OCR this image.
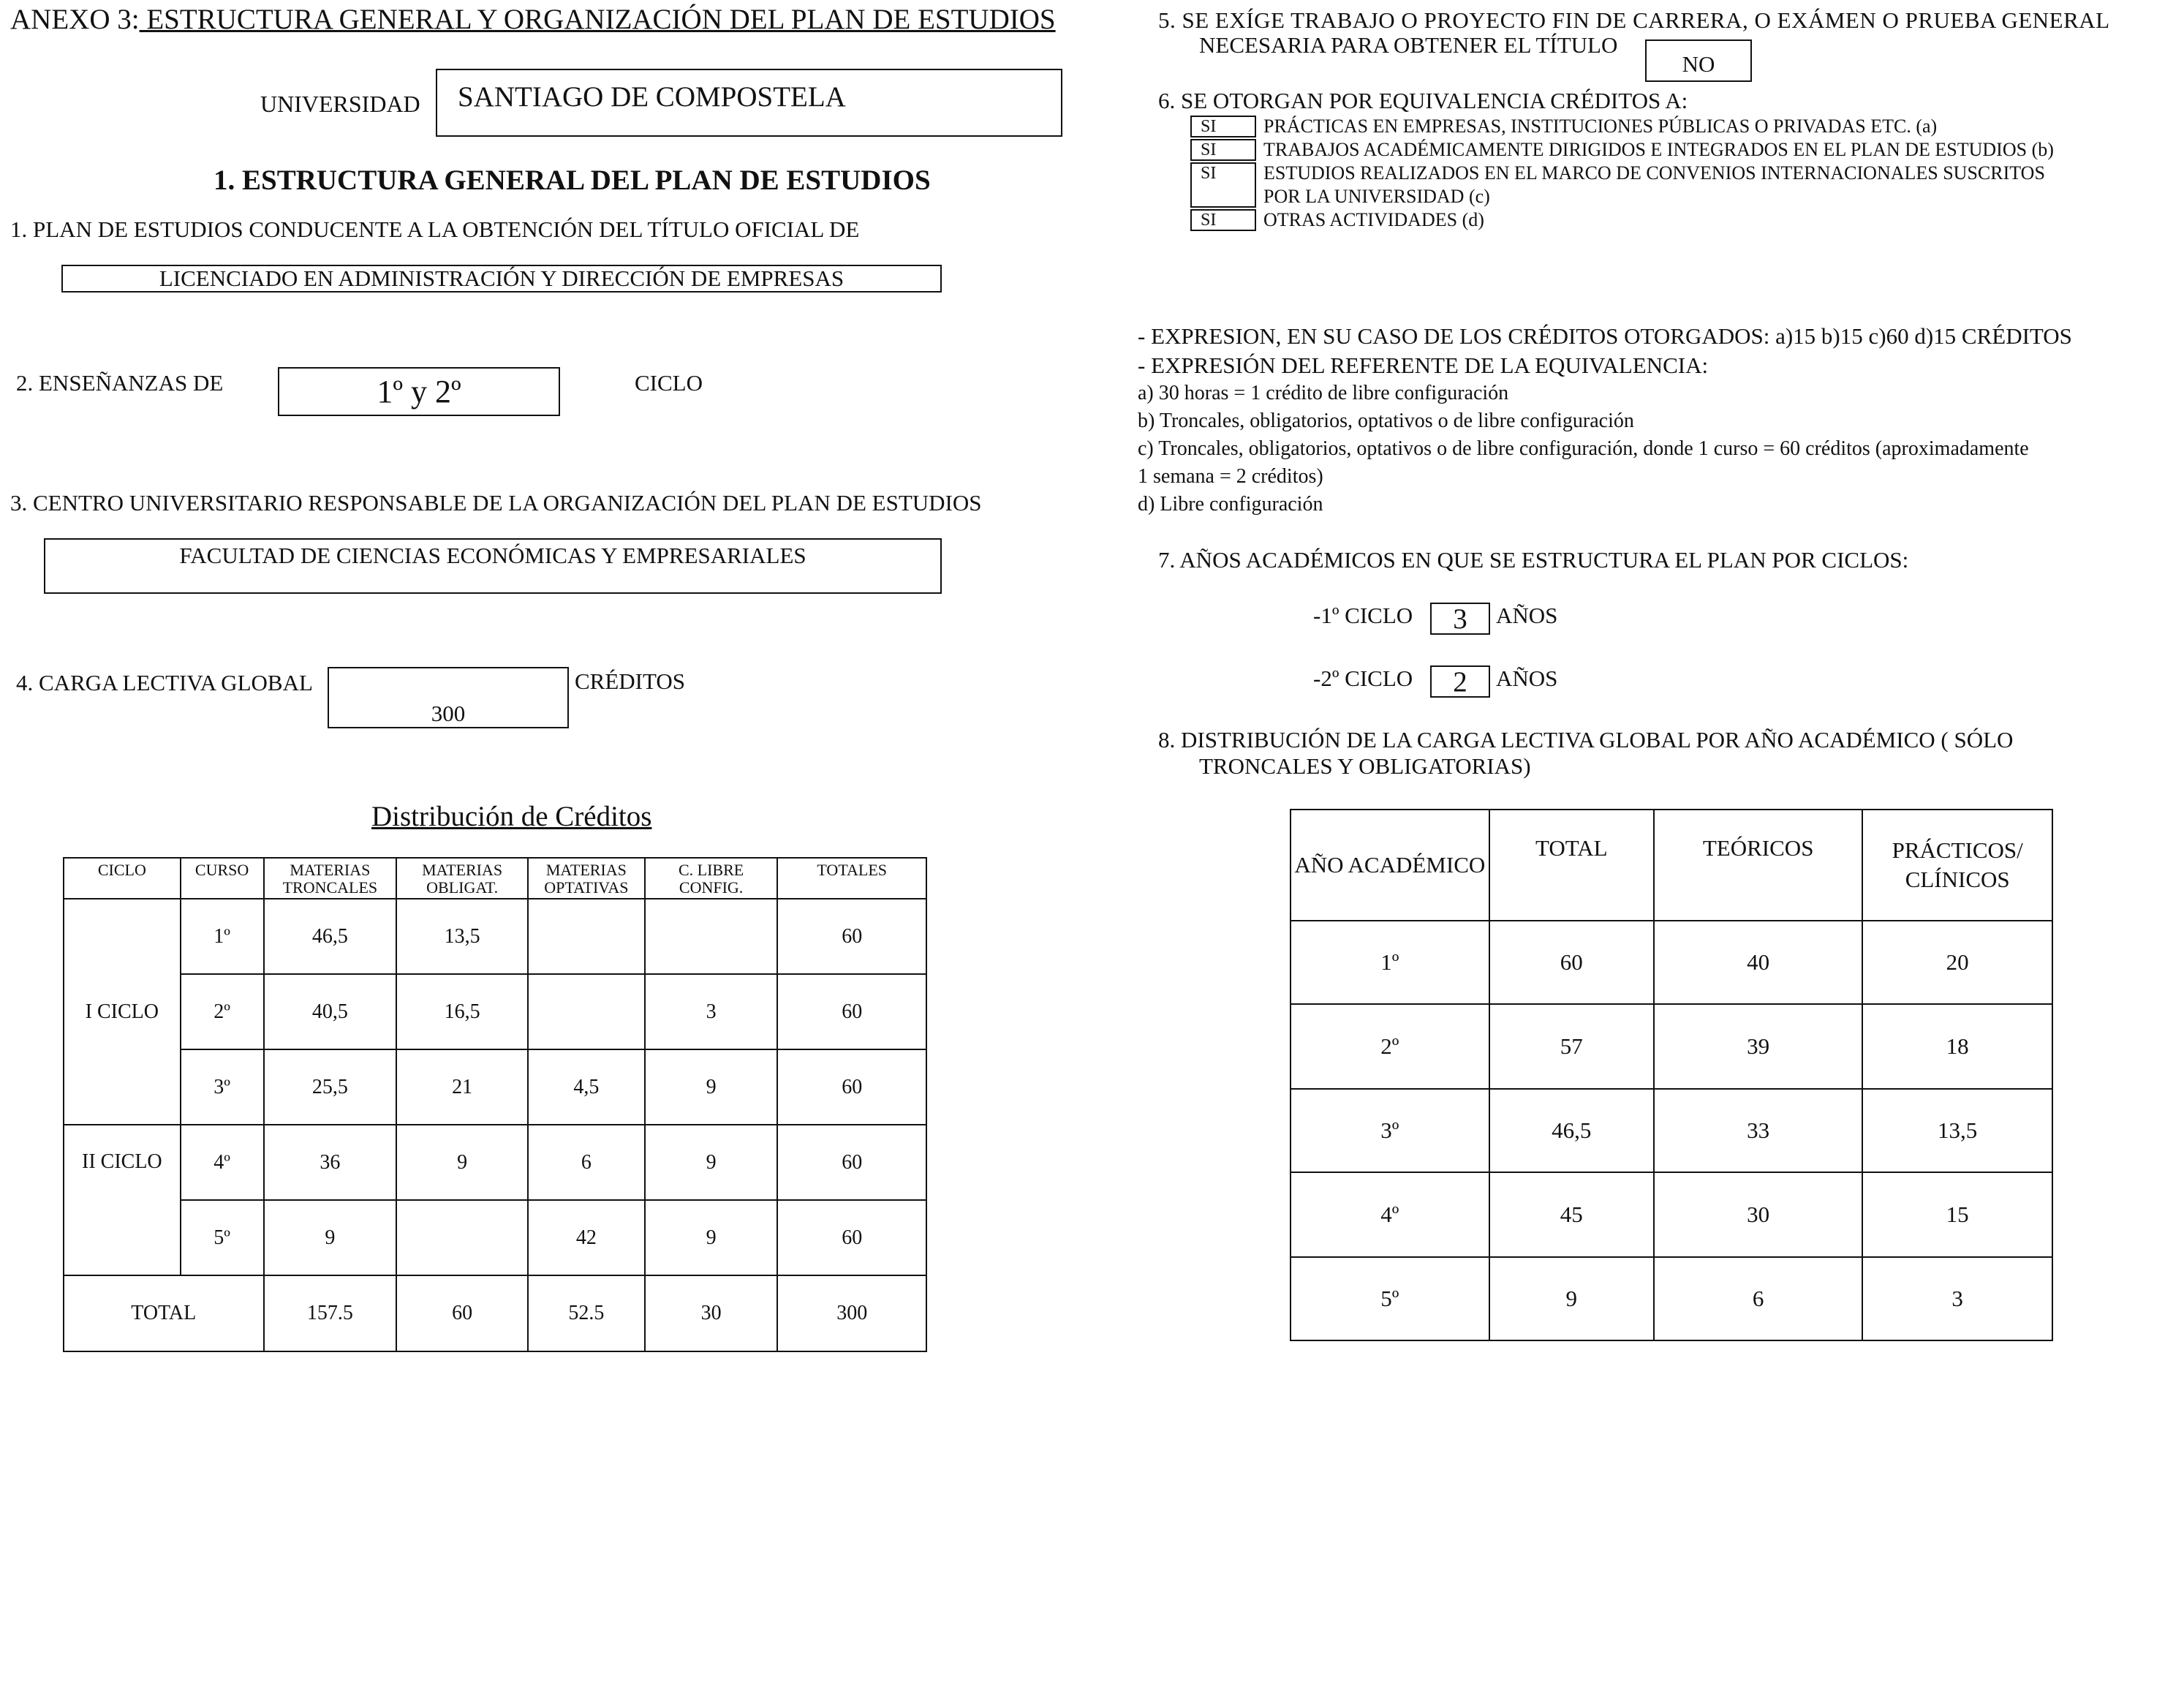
ANEXO 3: ESTRUCTURA GENERAL Y ORGANIZACIÓN DEL PLAN DE ESTUDIOS
UNIVERSIDAD	SANTIAGO DE COMPOSTELA
1. ESTRUCTURA GENERAL DEL PLAN DE ESTUDIOS
1. PLAN DE ESTUDIOS CONDUCENTE A LA OBTENCIÓN DEL TÍTULO OFICIAL DE
LICENCIADO EN ADMINISTRACIÓN Y DIRECCIÓN DE EMPRESAS
2. ENSEÑANZAS DE	1º y 2º	CICLO
3. CENTRO UNIVERSITARIO RESPONSABLE DE LA ORGANIZACIÓN DEL PLAN DE ESTUDIOS
FACULTAD DE CIENCIAS ECONÓMICAS Y EMPRESARIALES
4. CARGA LECTIVA GLOBAL
300
CRÉDITOS
Distribución de Créditos
CICLO	CURSO	MATERIAS TRONCALES	MATERIAS OBLIGAT.	MATERIAS OPTATIVAS	C. LIBRE CONFIG.	TOTALES
I CICLO	1º	46,5	13,5			60
	2º	40,5	16,5		3	60
	3º	25,5	21	4,5	9	60
II CICLO	4º	36	9	6	9	60
	5º	9		42	9	60
TOTAL		157.5	60	52.5	30	300
5. SE EXÍGE TRABAJO O PROYECTO FIN DE CARRERA, O EXÁMEN O PRUEBA GENERAL
NECESARIA PARA OBTENER EL TÍTULO
NO
6. SE OTORGAN POR EQUIVALENCIA CRÉDITOS A:
SI	PRÁCTICAS EN EMPRESAS, INSTITUCIONES PÚBLICAS O PRIVADAS ETC. (a)
SI	TRABAJOS ACADÉMICAMENTE DIRIGIDOS E INTEGRADOS EN EL PLAN DE ESTUDIOS (b)
SI	ESTUDIOS REALIZADOS EN EL MARCO DE CONVENIOS INTERNACIONALES SUSCRITOS
POR LA UNIVERSIDAD (c)
SI	OTRAS ACTIVIDADES (d)
- EXPRESION, EN SU CASO DE LOS CRÉDITOS OTORGADOS: a)15 b)15 c)60 d)15 CRÉDITOS
- EXPRESIÓN DEL REFERENTE DE LA EQUIVALENCIA:
a) 30 horas = 1 crédito de libre configuración
b) Troncales, obligatorios, optativos o de libre configuración
c) Troncales, obligatorios, optativos o de libre configuración, donde 1 curso = 60 créditos (aproximadamente
1 semana = 2 créditos)
d) Libre configuración
7. AÑOS ACADÉMICOS EN QUE SE ESTRUCTURA EL PLAN POR CICLOS:
-1º CICLO 3 AÑOS
-2º CICLO 2 AÑOS
8. DISTRIBUCIÓN DE LA CARGA LECTIVA GLOBAL POR AÑO ACADÉMICO ( SÓLO
TRONCALES Y OBLIGATORIAS)
AÑO ACADÉMICO	TOTAL	TEÓRICOS	PRÁCTICOS/ CLÍNICOS
1º	60	40	20
2º	57	39	18
3º	46,5	33	13,5
4º	45	30	15
5º	9	6	3
